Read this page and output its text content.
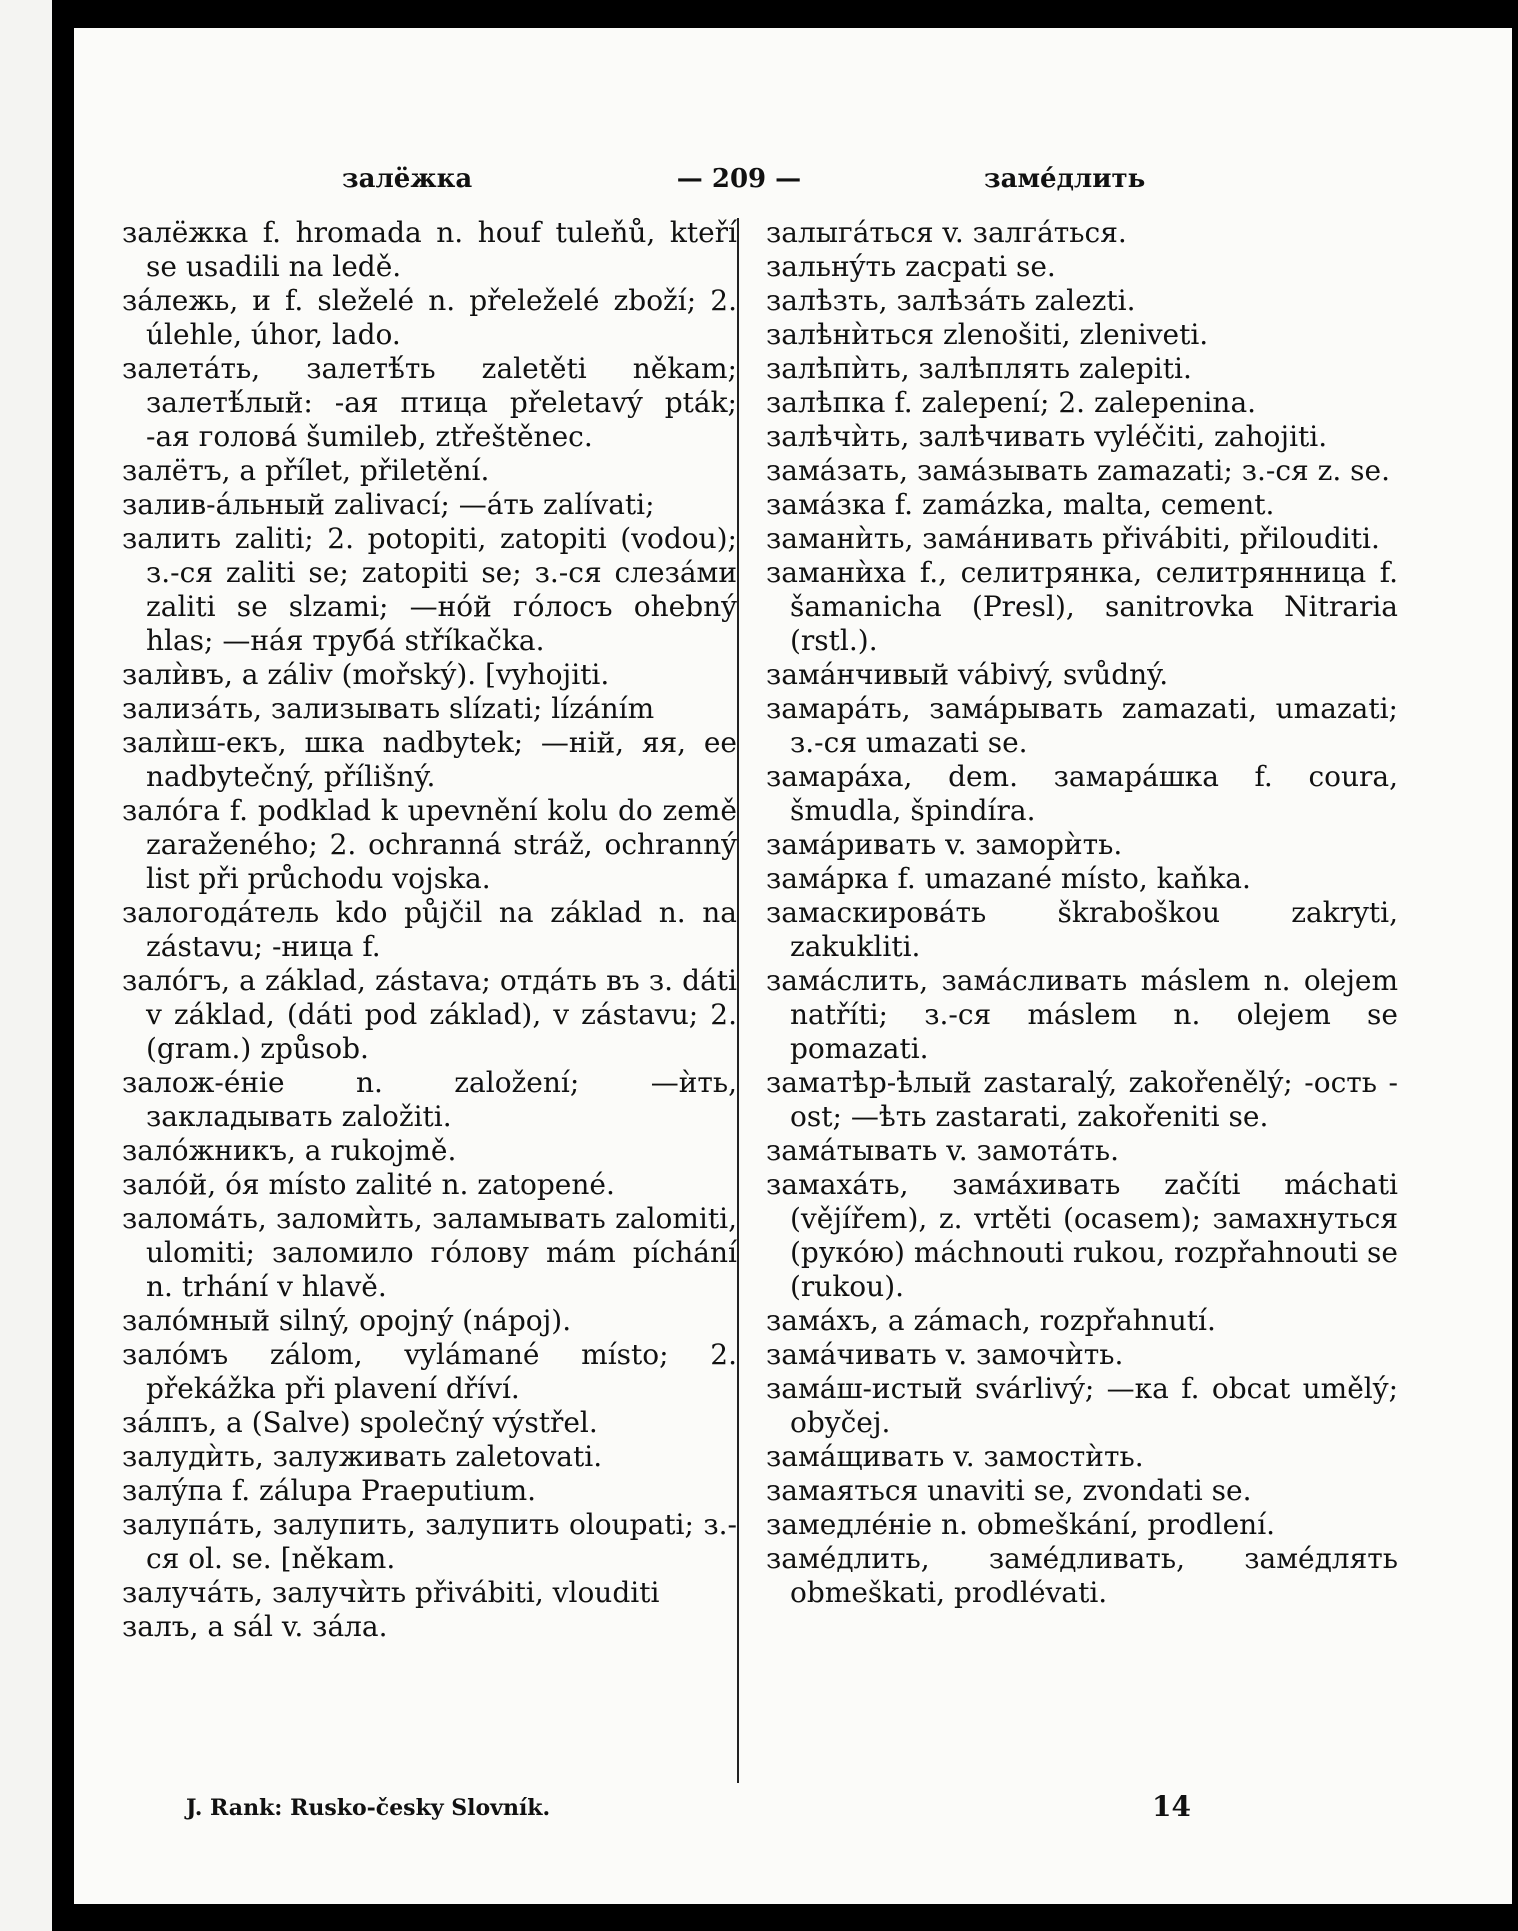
залёжка	— 209 —	замéдлить
залёжка f. hromada n. houf tuleňů, kteří se usadili na ledě.
зáлежь, и f. sleželé n. přeleželé zboží; 2. úlehle, úhor, lado.
залетáть, залетѣ́ть zaletěti někam; залетѣ́лый: -ая птица přeletavý pták; -ая головá šumileb, ztřeštěnec.
залётъ, a přílet, přiletění.
залив-áльный zalivací; —áть zalívati;
залить zaliti; 2. potopiti, zatopiti (vodou); з.-ся zaliti se; zatopiti se; з.-ся слезáми zaliti se slzami; —нóй гóлосъ ohebný hlas; —нáя трубá stříkačka.
залѝвъ, a záliv (mořský). [vyhojiti.
зализáть, зализывать slízati; lízáním
залѝш-екъ, шка nadbytek; —ній, яя, ее nadbytečný, přílišný.
залóга f. podklad k upevnění kolu do země zaraženého; 2. ochranná stráž, ochranný list při průchodu vojska.
залогодáтель kdo půjčil na základ n. na zástavu; -ница f.
залóгъ, a základ, zástava; отдáть въ з. dáti v základ, (dáti pod základ), v zástavu; 2. (gram.) způsob.
залож-éніе n. založení; —ѝть, закладывать založiti.
залóжникъ, a rukojmě.
залóй, óя místo zalité n. zatopené.
заломáть, заломѝть, заламывать zalomiti, ulomiti; заломило гóлову mám píchání n. trhání v hlavě.
залóмный silný, opojný (nápoj).
залóмъ zálom, vylámané místo; 2. překážka při plavení dříví.
зáлпъ, a (Salve) společný výstřel.
залудѝть, залуживать zaletovati.
залýпа f. zálupa Praeputium.
залупáть, залупить, залупить oloupati; з.-ся ol. se. [někam.
залучáть, залучѝть přivábiti, vlouditi
залъ, a sál v. зáла.
залыгáться v. залгáться.
зальнýть zacpati se.
залѣзть, залѣзáть zalezti.
залѣнѝться zlenošiti, zleniveti.
залѣпѝть, залѣплять zalepiti.
залѣпка f. zalepení; 2. zalepenina.
залѣчѝть, залѣчивать vyléčiti, zahojiti.
замáзать, замáзывать zamazati; з.-ся z. se.
замáзка f. zamázka, malta, cement.
заманѝть, замáнивать přivábiti, přilouditi.
заманѝха f., селитрянка, селитрянница f. šamanicha (Presl), sanitrovka Nitraria (rstl.).
замáнчивый vábivý, svůdný.
замарáть, замáрывать zamazati, umazati; з.-ся umazati se.
замарáха, dem. замарáшка f. coura, šmudla, špindíra.
замáривать v. заморѝть.
замáрка f. umazané místo, kaňka.
замаскировáть škraboškou zakryti, zakukliti.
замáслить, замáсливать máslem n. olejem natříti; з.-ся máslem n. olejem se pomazati.
заматѣр-ѣлый zastaralý, zakořenělý; -ость -ost; —ѣть zastarati, zakořeniti se.
замáтывать v. замотáть.
замахáть, замáхивать začíti máchati (vějířem), z. vrtěti (ocasem); замахнуться (рукóю) máchnouti rukou, rozpřahnouti se (rukou).
замáхъ, a zámach, rozpřahnutí.
замáчивать v. замочѝть.
замáш-истый svárlivý; —ка f. obcat umělý; obyčej.
замáщивать v. замостѝть.
замаяться unaviti se, zvondati se.
замедлéніе n. obmeškání, prodlení.
замéдлить, замéдливать, замéдлять obmeškati, prodlévati.
J. Rank: Rusko-česky Slovník.	14
